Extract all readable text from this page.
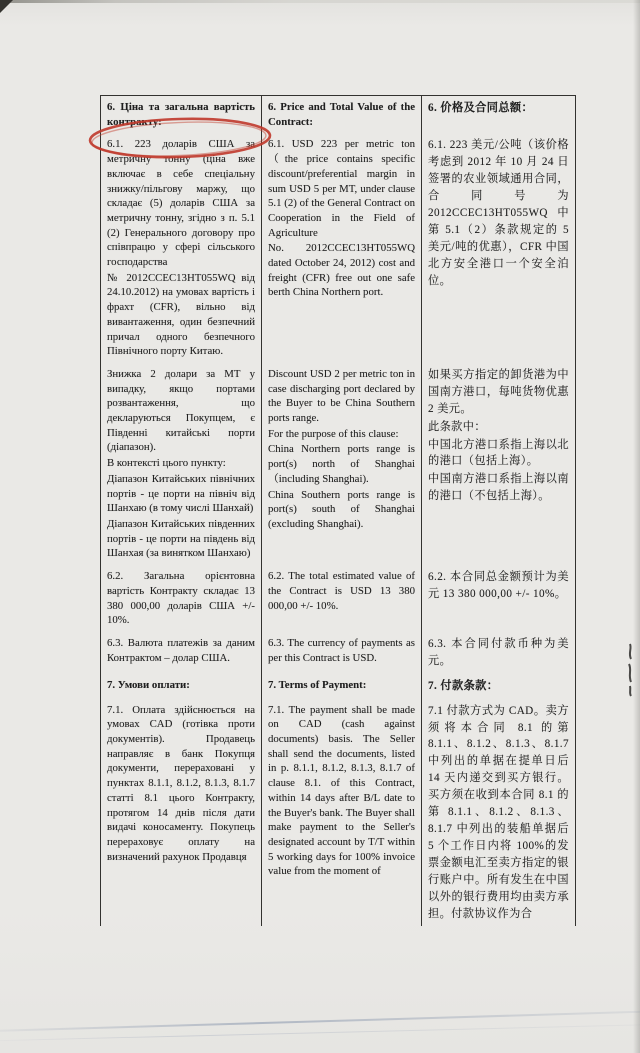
6. Ціна та загальна вартість контракту:

6. Price and Total Value of the Contract:

6. 价格及合同总额：

6.1. 223 доларів США за метричну тонну (ціна вже включає в себе спеціальну знижку/пільгову маржу, що складає (5) доларів США за метричну тонну, згідно з п. 5.1 (2) Генерального договору про співпрацю у сфері сільського господарства

№ 2012CCEC13HT055WQ від 24.10.2012) на умовах вартість і фрахт (CFR), вільно від вивантаження, один безпечний причал одного безпечного Північного порту Китаю.

6.1. USD 223 per metric ton （the price contains specific discount/preferential margin in sum USD 5 per MT, under clause 5.1 (2) of the General Contract on Cooperation in the Field of Agriculture

No. 2012CCEC13HT055WQ dated October 24, 2012) cost and freight (CFR) free out one safe berth China Northern port.

6.1. 223 美元/公吨（该价格考虑到 2012 年 10 月 24 日签署的农业领域通用合同，合同号为 2012CCEC13HT055WQ 中第 5.1（2）条款规定的 5 美元/吨的优惠），CFR 中国北方安全港口一个安全泊位。

Знижка 2 долари за МТ у випадку, якщо портами розвантаження, що декларуються Покупцем, є Південні китайські порти (діапазон).

В контексті цього пункту:

Діапазон Китайських північних портів - це порти на північ від Шанхаю (в тому числі Шанхай)

Діапазон Китайських південних портів - це порти на південь від Шанхая (за винятком Шанхаю)

Discount USD 2 per metric ton in case discharging port declared by the Buyer to be China Southern ports range.

For the purpose of this clause:

China Northern ports range is port(s) north of Shanghai （including Shanghai).

China Southern ports range is port(s) south of Shanghai (excluding Shanghai).

如果买方指定的卸货港为中国南方港口，每吨货物优惠 2 美元。

此条款中：

中国北方港口系指上海以北的港口（包括上海）。

中国南方港口系指上海以南的港口（不包括上海）。

6.2. Загальна орієнтовна вартість Контракту складає 13 380 000,00 доларів США +/- 10%.

6.2. The total estimated value of the Contract is USD 13 380 000,00 +/- 10%.

6.2. 本合同总金额预计为美元 13 380 000,00 +/- 10%。

6.3. Валюта платежів за даним Контрактом – долар США.

6.3. The currency of payments as per this Contract is USD.

6.3. 本合同付款币种为美元。

7. Умови оплати:	7. Terms of Payment:	7. 付款条款：

7.1. Оплата здійснюється на умовах CAD (готівка проти документів). Продавець направляє в банк Покупця документи, перераховані у пунктах 8.1.1, 8.1.2, 8.1.3, 8.1.7 статті 8.1 цього Контракту, протягом 14 днів після дати видачі коносаменту. Покупець перераховує оплату на визначений рахунок Продавця

7.1. The payment shall be made on CAD (cash against documents) basis. The Seller shall send the documents, listed in p. 8.1.1, 8.1.2, 8.1.3, 8.1.7 of clause 8.1. of this Contract, within 14 days after B/L date to the Buyer's bank. The Buyer shall make payment to the Seller's designated account by T/T within 5 working days for 100% invoice value from the moment of

7.1 付款方式为 CAD。卖方须将本合同 8.1 的第 8.1.1、8.1.2、8.1.3、8.1.7 中列出的单据在提单日后 14 天内递交到买方银行。买方须在收到本合同 8.1 的第 8.1.1、8.1.2、8.1.3、8.1.7 中列出的装船单据后 5 个工作日内将 100%的发票金额电汇至卖方指定的银行账户中。所有发生在中国以外的银行费用均由卖方承担。付款协议作为合
